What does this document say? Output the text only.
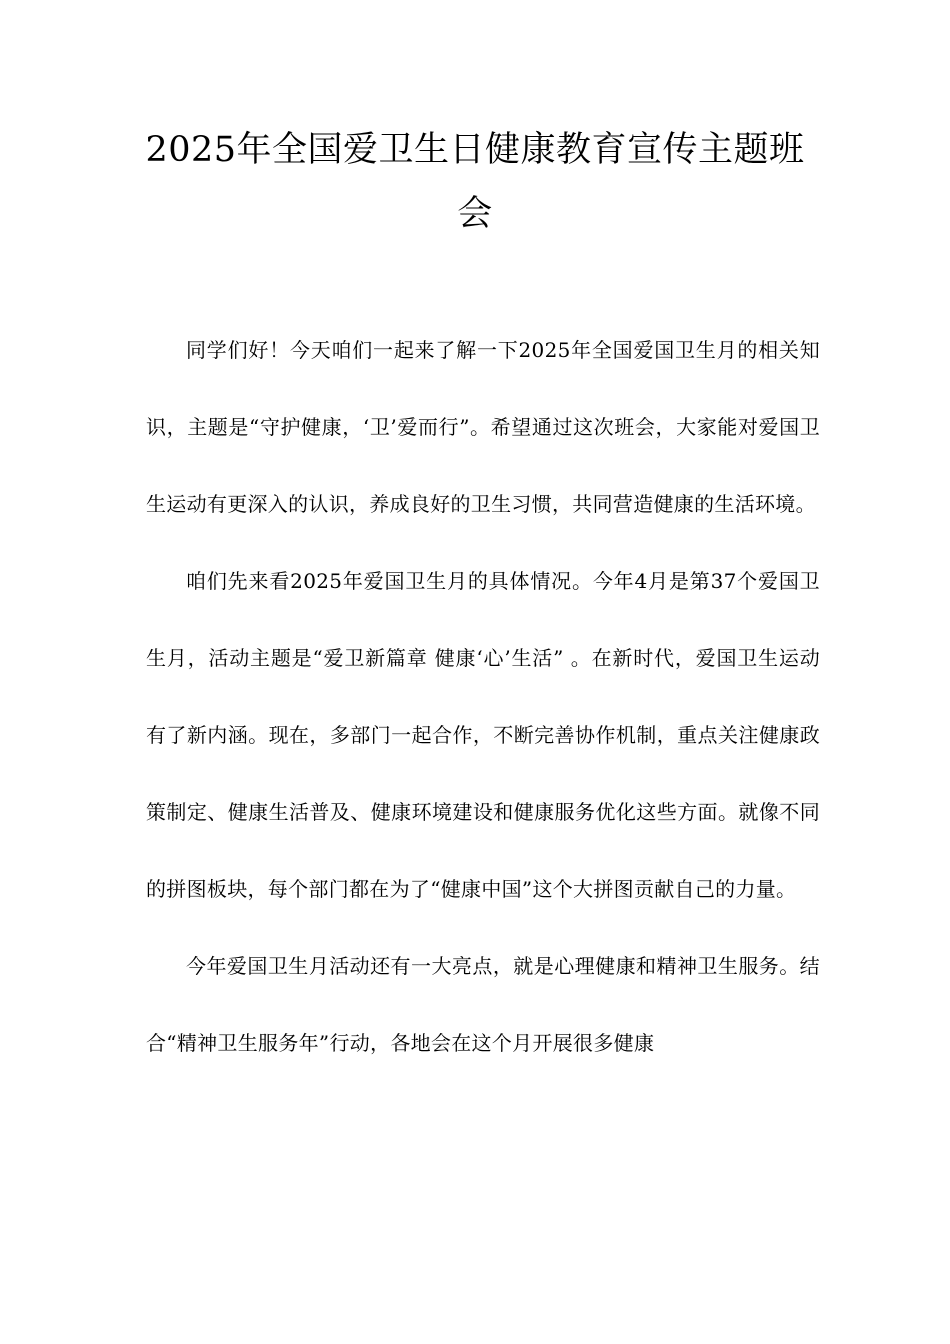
2025年全国爱卫生日健康教育宣传主题班会

同学们好！今天咱们一起来了解一下2025年全国爱国卫生月的相关知识，主题是“守护健康，‘卫’爱而行”。希望通过这次班会，大家能对爱国卫生运动有更深入的认识，养成良好的卫生习惯，共同营造健康的生活环境。

咱们先来看2025年爱国卫生月的具体情况。今年4月是第37个爱国卫生月，活动主题是“爱卫新篇章 健康‘心’生活” 。在新时代，爱国卫生运动有了新内涵。现在，多部门一起合作，不断完善协作机制，重点关注健康政策制定、健康生活普及、健康环境建设和健康服务优化这些方面。就像不同的拼图板块，每个部门都在为了“健康中国”这个大拼图贡献自己的力量。

今年爱国卫生月活动还有一大亮点，就是心理健康和精神卫生服务。结合“精神卫生服务年”行动，各地会在这个月开展很多健康
